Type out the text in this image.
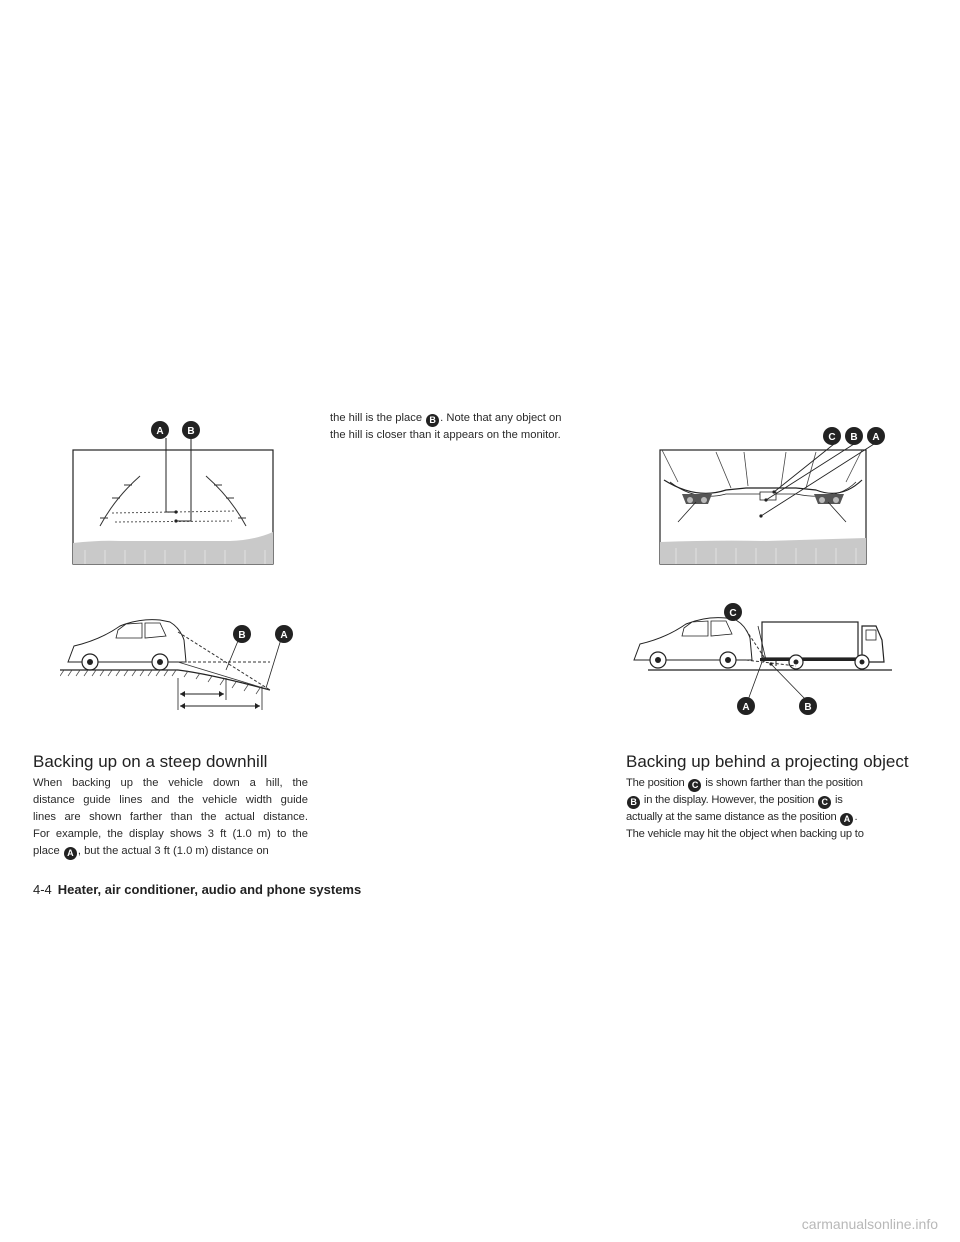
A B
B	A
C B A
C
A	B
Backing up on a steep downhill
When backing up the vehicle down a hill, the
distance guide lines and the vehicle width guide
lines are shown farther than the actual distance.
For example, the display shows 3 ft (1.0 m) to the
place A , but the actual 3 ft (1.0 m) distance on
the hill is the place B . Note that any object on
the hill is closer than it appears on the monitor.
Backing up behind a projecting object
The position C is shown farther than the position
B in the display. However, the position C is
actually at the same distance as the position A .
The vehicle may hit the object when backing up to
4-4 Heater, air conditioner, audio and phone systems
carmanualsonline.info
